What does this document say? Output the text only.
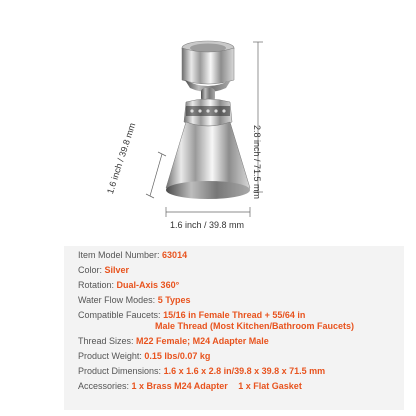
2.8 inch / 71.5 mm
1.6 inch / 39.8 mm
1.6 inch / 39.8 mm
Item Model Number: 63014
Color: Silver
Rotation: Dual-Axis 360°
Water Flow Modes: 5 Types
Compatible Faucets: 15/16 in Female Thread + 55/64 in
Male Thread (Most Kitchen/Bathroom Faucets)
Thread Sizes: M22 Female; M24 Adapter Male
Product Weight: 0.15 lbs/0.07 kg
Product Dimensions: 1.6 x 1.6 x 2.8 in/39.8 x 39.8 x 71.5 mm
Accessories: 1 x Brass M24 Adapter 1 x Flat Gasket
